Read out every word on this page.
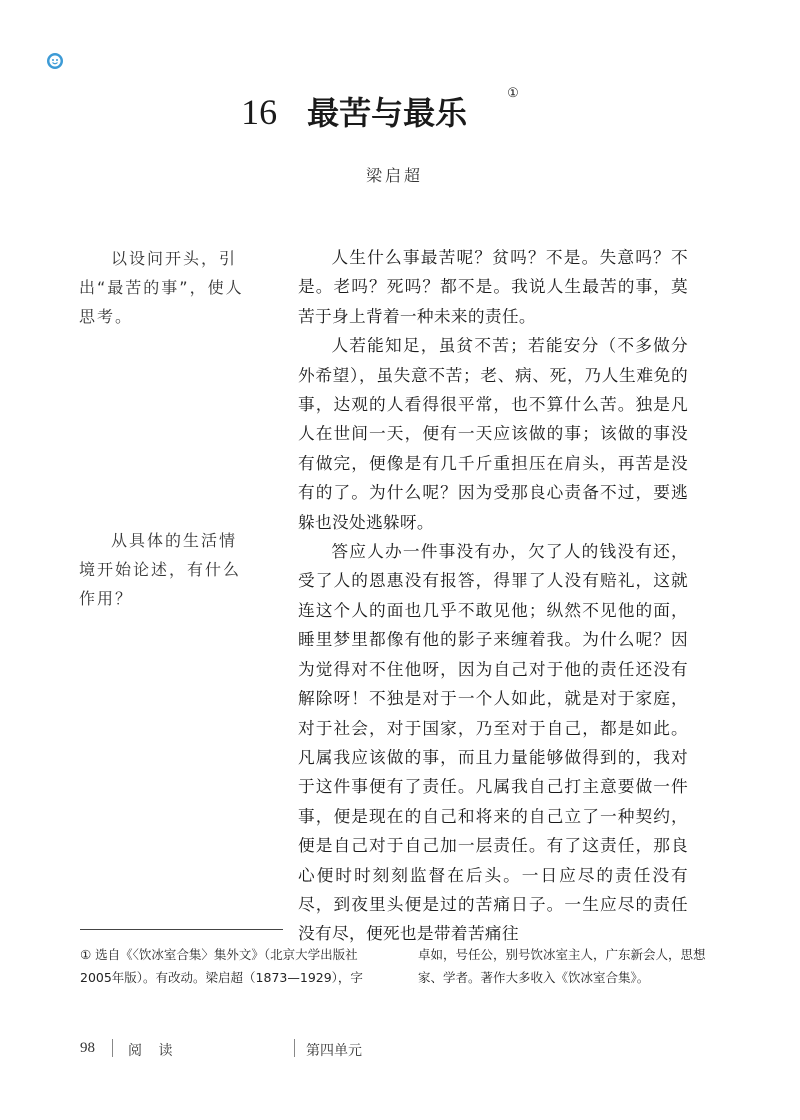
16 最苦与最乐①
梁启超
以设问开头，引出“最苦的事”，使人思考。
从具体的生活情境开始论述，有什么作用？

人生什么事最苦呢？贫吗？不是。失意吗？不是。老吗？死吗？都不是。我说人生最苦的事，莫苦于身上背着一种未来的责任。

人若能知足，虽贫不苦；若能安分（不多做分外希望），虽失意不苦；老、病、死，乃人生难免的事，达观的人看得很平常，也不算什么苦。独是凡人在世间一天，便有一天应该做的事；该做的事没有做完，便像是有几千斤重担压在肩头，再苦是没有的了。为什么呢？因为受那良心责备不过，要逃躲也没处逃躲呀。

答应人办一件事没有办，欠了人的钱没有还，受了人的恩惠没有报答，得罪了人没有赔礼，这就连这个人的面也几乎不敢见他；纵然不见他的面，睡里梦里都像有他的影子来缠着我。为什么呢？因为觉得对不住他呀，因为自己对于他的责任还没有解除呀！不独是对于一个人如此，就是对于家庭，对于社会，对于国家，乃至对于自己，都是如此。凡属我应该做的事，而且力量能够做得到的，我对于这件事便有了责任。凡属我自己打主意要做一件事，便是现在的自己和将来的自己立了一种契约，便是自己对于自己加一层责任。有了这责任，那良心便时时刻刻监督在后头。一日应尽的责任没有尽，到夜里头便是过的苦痛日子。一生应尽的责任没有尽，便死也是带着苦痛往

① 选自《〈饮冰室合集〉集外文》（北京大学出版社2005年版）。有改动。梁启超（1873—1929），字
卓如，号任公，别号饮冰室主人，广东新会人，思想家、学者。著作大多收入《饮冰室合集》。
98 阅 读	第四单元
